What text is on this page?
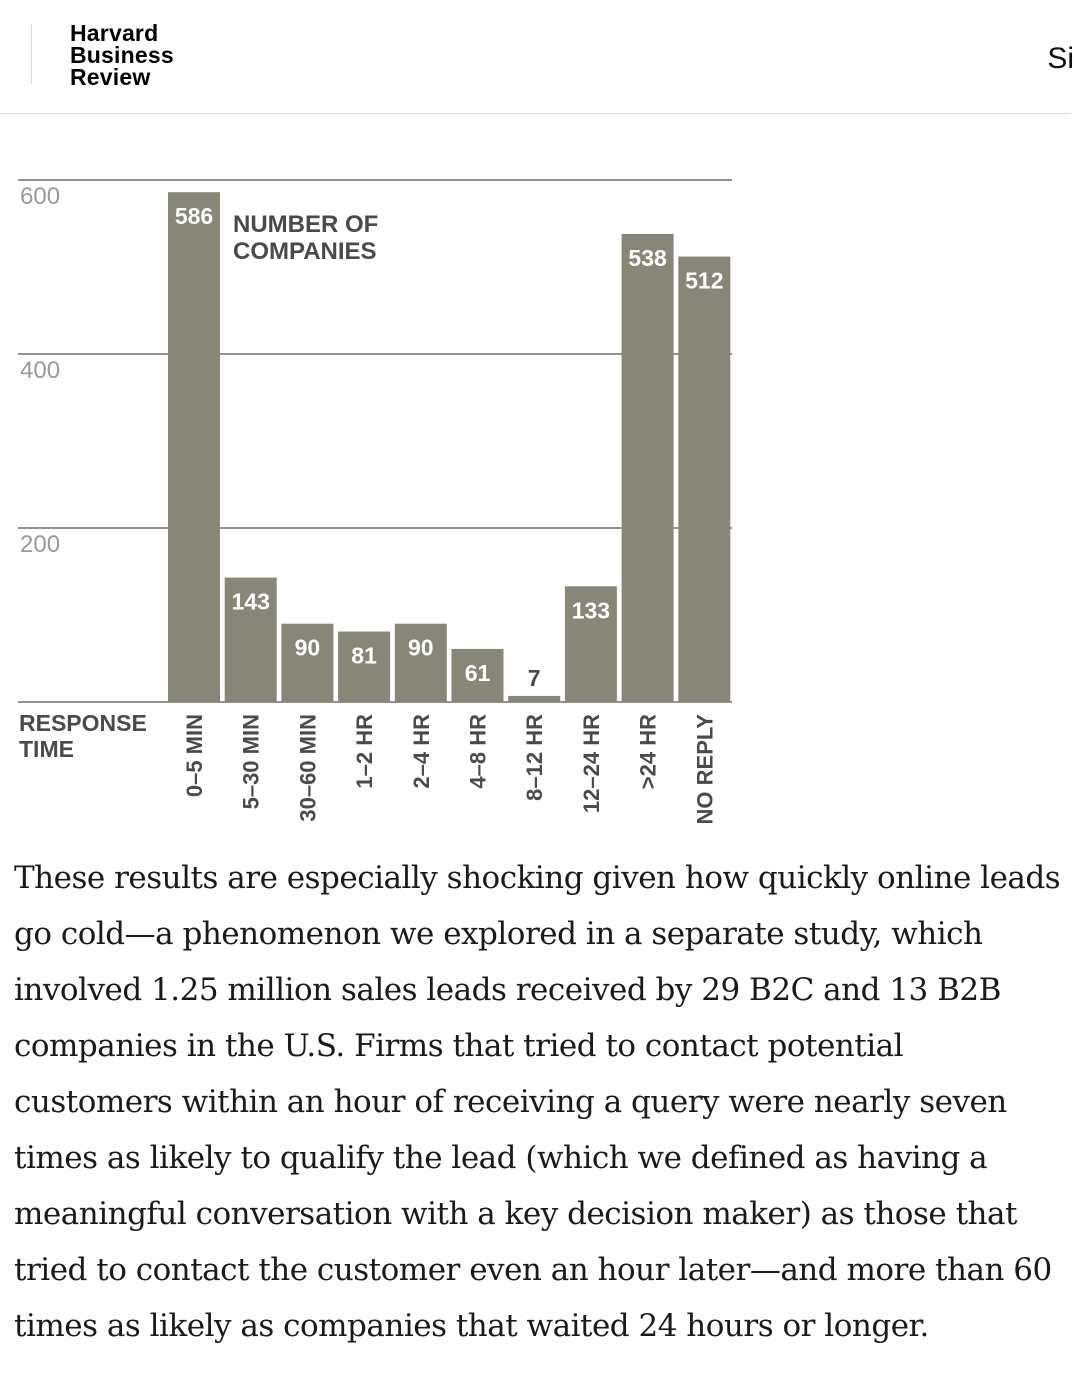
Harvard
Business
Review
Si
200
400
600
586
0–5 MIN
143
5–30 MIN
90
30–60 MIN
81
1–2 HR
90
2–4 HR
61
4–8 HR
7
8–12 HR
133
12–24 HR
538
>24 HR
512
NO REPLY
NUMBER OF
COMPANIES
RESPONSE
TIME

These results are especially shocking given how quickly online leads go cold—a phenomenon we explored in a separate study, which involved 1.25 million sales leads received by 29 B2C and 13 B2B companies in the U.S. Firms that tried to contact potential customers within an hour of receiving a query were nearly seven times as likely to qualify the lead (which we defined as having a meaningful conversation with a key decision maker) as those that tried to contact the customer even an hour later—and more than 60 times as likely as companies that waited 24 hours or longer.
